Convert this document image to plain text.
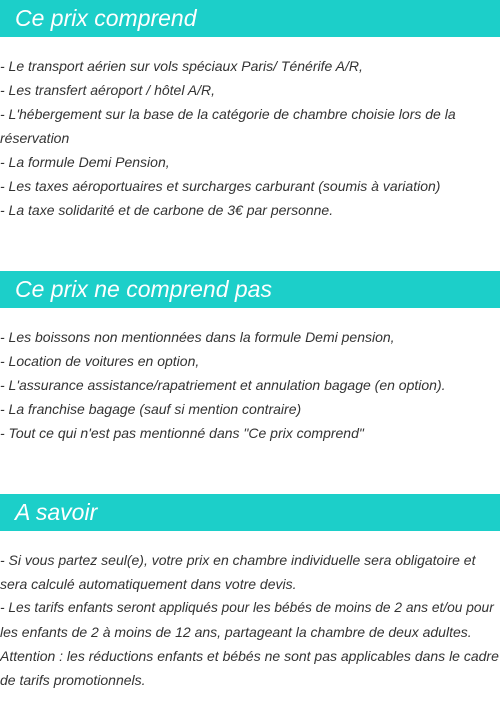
Ce prix comprend
- Le transport aérien sur vols spéciaux Paris/ Ténérife A/R,
- Les transfert aéroport / hôtel A/R,
- L'hébergement sur la base de la catégorie de chambre choisie lors de la
réservation
- La formule Demi Pension,
- Les taxes aéroportuaires et surcharges carburant (soumis à variation)
- La taxe solidarité et de carbone de 3€ par personne.
Ce prix ne comprend pas
- Les boissons non mentionnées dans la formule Demi pension,
- Location de voitures en option,
- L'assurance assistance/rapatriement et annulation bagage (en option).
- La franchise bagage (sauf si mention contraire)
- Tout ce qui n'est pas mentionné dans "Ce prix comprend"
A savoir
- Si vous partez seul(e), votre prix en chambre individuelle sera obligatoire et
sera calculé automatiquement dans votre devis.
- Les tarifs enfants seront appliqués pour les bébés de moins de 2 ans et/ou pour
les enfants de 2 à moins de 12 ans, partageant la chambre de deux adultes.
Attention : les réductions enfants et bébés ne sont pas applicables dans le cadre
de tarifs promotionnels.
